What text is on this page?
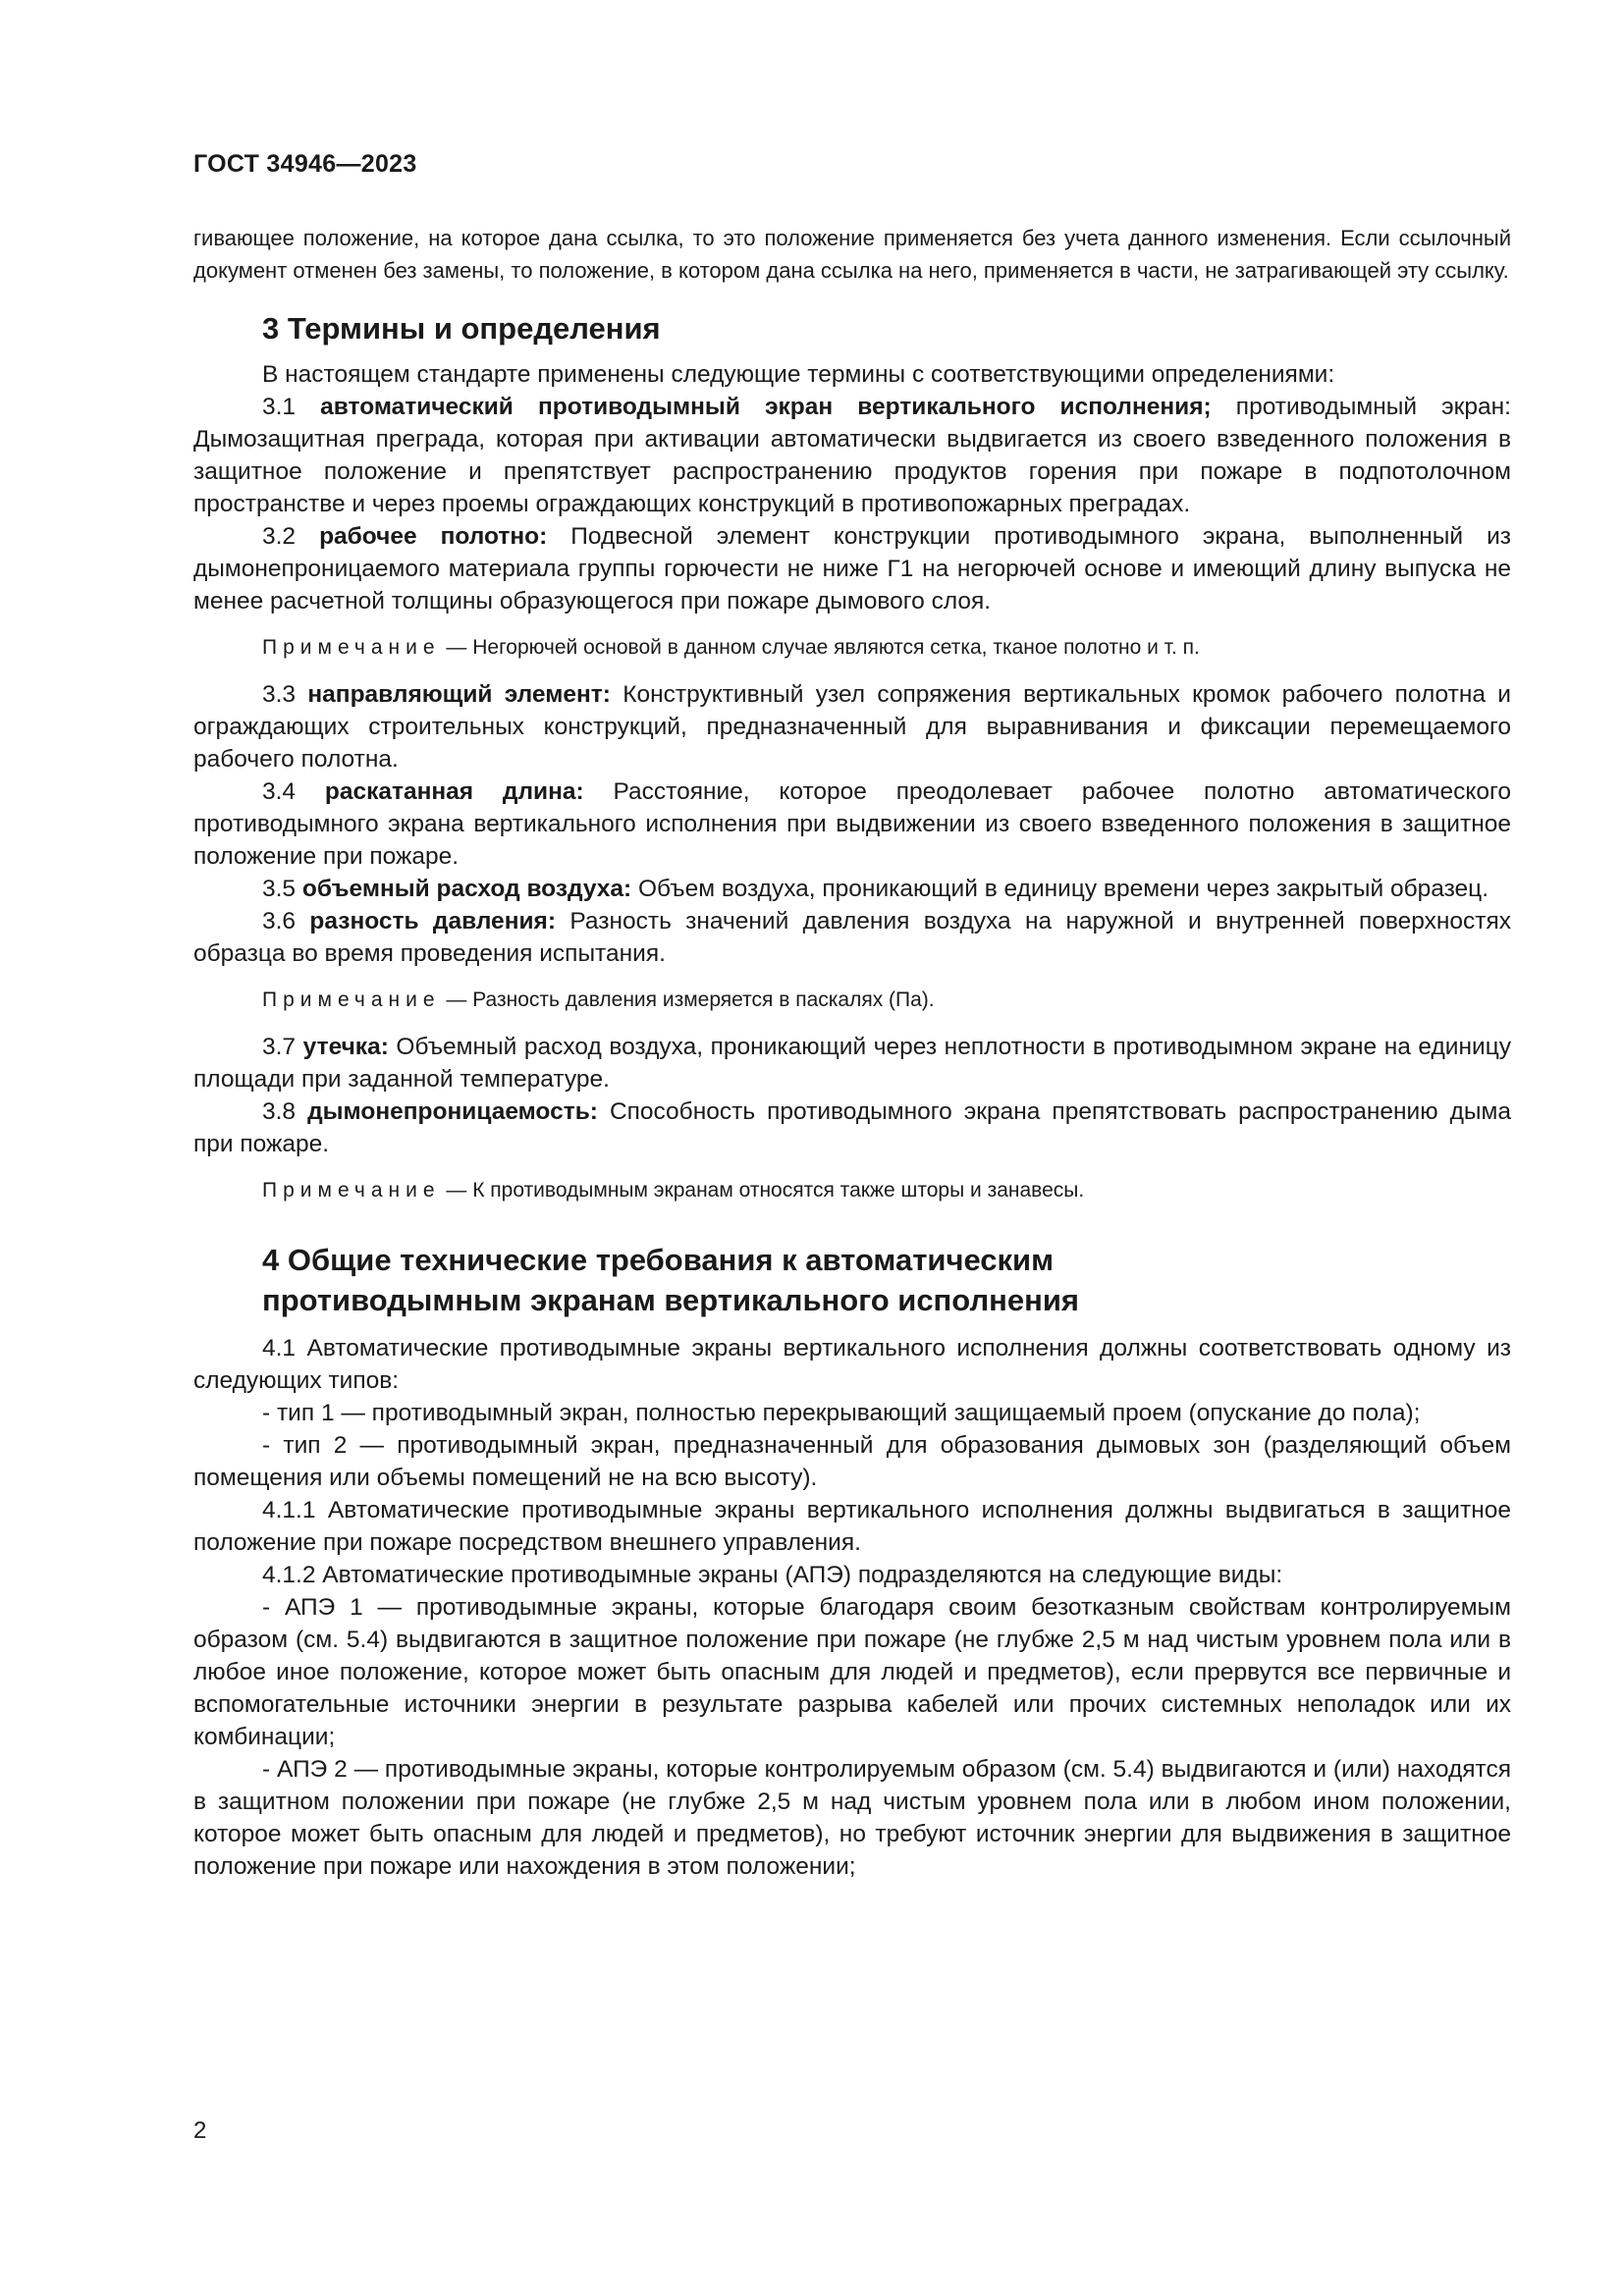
ГОСТ 34946—2023

гивающее положение, на которое дана ссылка, то это положение применяется без учета данного изменения. Если ссылочный документ отменен без замены, то положение, в котором дана ссылка на него, применяется в части, не затрагивающей эту ссылку.

3 Термины и определения

В настоящем стандарте применены следующие термины с соответствующими определениями:

3.1 автоматический противодымный экран вертикального исполнения; противодымный экран: Дымозащитная преграда, которая при активации автоматически выдвигается из своего взведенного положения в защитное положение и препятствует распространению продуктов горения при пожаре в подпотолочном пространстве и через проемы ограждающих конструкций в противопожарных преградах.

3.2 рабочее полотно: Подвесной элемент конструкции противодымного экрана, выполненный из дымонепроницаемого материала группы горючести не ниже Г1 на негорючей основе и имеющий длину выпуска не менее расчетной толщины образующегося при пожаре дымового слоя.

Примечание — Негорючей основой в данном случае являются сетка, тканое полотно и т. п.

3.3 направляющий элемент: Конструктивный узел сопряжения вертикальных кромок рабочего полотна и ограждающих строительных конструкций, предназначенный для выравнивания и фиксации перемещаемого рабочего полотна.

3.4 раскатанная длина: Расстояние, которое преодолевает рабочее полотно автоматического противодымного экрана вертикального исполнения при выдвижении из своего взведенного положения в защитное положение при пожаре.

3.5 объемный расход воздуха: Объем воздуха, проникающий в единицу времени через закрытый образец.

3.6 разность давления: Разность значений давления воздуха на наружной и внутренней поверхностях образца во время проведения испытания.

Примечание — Разность давления измеряется в паскалях (Па).

3.7 утечка: Объемный расход воздуха, проникающий через неплотности в противодымном экране на единицу площади при заданной температуре.

3.8 дымонепроницаемость: Способность противодымного экрана препятствовать распространению дыма при пожаре.

Примечание — К противодымным экранам относятся также шторы и занавесы.

4 Общие технические требования к автоматическим
противодымным экранам вертикального исполнения

4.1 Автоматические противодымные экраны вертикального исполнения должны соответствовать одному из следующих типов:

- тип 1 — противодымный экран, полностью перекрывающий защищаемый проем (опускание до пола);

- тип 2 — противодымный экран, предназначенный для образования дымовых зон (разделяющий объем помещения или объемы помещений не на всю высоту).

4.1.1 Автоматические противодымные экраны вертикального исполнения должны выдвигаться в защитное положение при пожаре посредством внешнего управления.

4.1.2 Автоматические противодымные экраны (АПЭ) подразделяются на следующие виды:

- АПЭ 1 — противодымные экраны, которые благодаря своим безотказным свойствам контролируемым образом (см. 5.4) выдвигаются в защитное положение при пожаре (не глубже 2,5 м над чистым уровнем пола или в любое иное положение, которое может быть опасным для людей и предметов), если прервутся все первичные и вспомогательные источники энергии в результате разрыва кабелей или прочих системных неполадок или их комбинации;

- АПЭ 2 — противодымные экраны, которые контролируемым образом (см. 5.4) выдвигаются и (или) находятся в защитном положении при пожаре (не глубже 2,5 м над чистым уровнем пола или в любом ином положении, которое может быть опасным для людей и предметов), но требуют источник энергии для выдвижения в защитное положение при пожаре или нахождения в этом положении;

2
